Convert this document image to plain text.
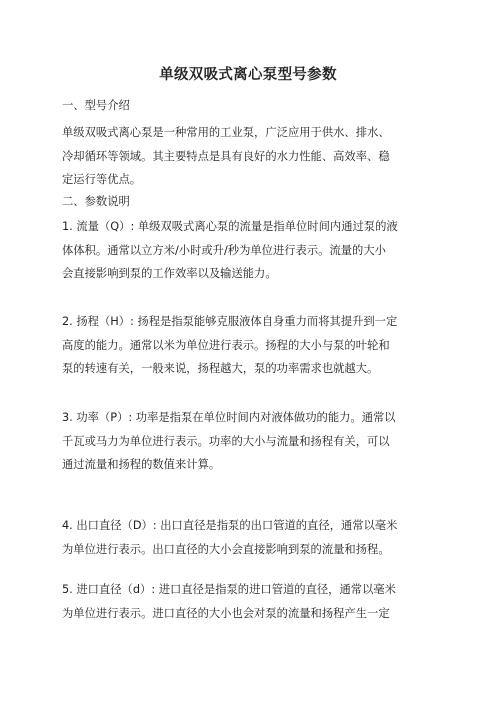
单级双吸式离心泵型号参数

一、型号介绍

单级双吸式离心泵是一种常用的工业泵，广泛应用于供水、排水、
冷却循环等领域。其主要特点是具有良好的水力性能、高效率、稳
定运行等优点。

二、参数说明

1. 流量（Q）: 单级双吸式离心泵的流量是指单位时间内通过泵的液
体体积。通常以立方米/小时或升/秒为单位进行表示。流量的大小
会直接影响到泵的工作效率以及输送能力。
2. 扬程（H）: 扬程是指泵能够克服液体自身重力而将其提升到一定
高度的能力。通常以米为单位进行表示。扬程的大小与泵的叶轮和
泵的转速有关，一般来说，扬程越大，泵的功率需求也就越大。
3. 功率（P）: 功率是指泵在单位时间内对液体做功的能力。通常以
千瓦或马力为单位进行表示。功率的大小与流量和扬程有关，可以
通过流量和扬程的数值来计算。
4. 出口直径（D）: 出口直径是指泵的出口管道的直径，通常以毫米
为单位进行表示。出口直径的大小会直接影响到泵的流量和扬程。
5. 进口直径（d）: 进口直径是指泵的进口管道的直径，通常以毫米
为单位进行表示。进口直径的大小也会对泵的流量和扬程产生一定
